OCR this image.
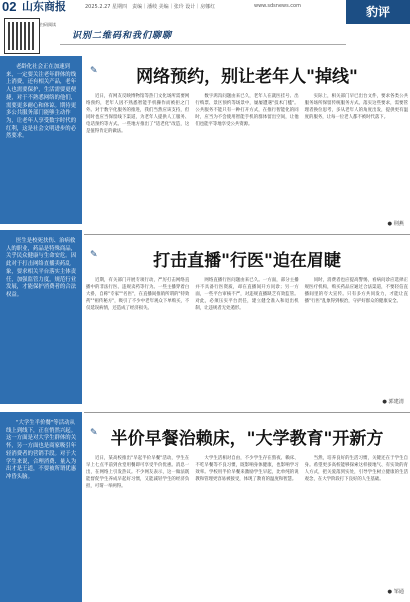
02 山东商报	2025.2.27 星期四　 责编｜潘岐 美编｜张玲 设计｜房娜红	www.sdsnews.com	豹评
扫码阅读
识别二维码和我们聊聊
老龄化社会正在加速到来，一定要关注老年群体的线上消费，还有相关产品，老年人也需要保护，生活需要更便捷，对于不熟悉网络的他们，需要更多耐心和体谅。期待更多公共服务部门能够主动作为，让老年人享受数字时代的红利，这是社会文明进步的必然要求。
医生是校死扶伤、治病救人的职业，药品是特殊商品，关乎民众健康与生命安危。因此对于打击网络直播卖药乱象，要求相关平台落实主体责任，加强监管力度，规范行业发展，才能保护消费者的合法权益。
"大学生半价餐"等活动从线上到线下，正在悄然兴起。这一方面是对大学生群体的关怀，另一方面也是商家吸引年轻消费者的营销手段。对于大学生来说，合理消费、量入为出才是王道，不要被所谓优惠冲昏头脑。
✎	网络预约，别让老年人"掉线"
近日，有网友反映博物馆等热门文化场所需要网络预约，老年人因不熟悉智能手机操作而被拒之门外。对于数字化服务的推进，我们当然应该支持，但同时也应当保留线下渠道，为老年人提供人工服务、电话预约等方式。一些地方推出了"适老化"改造，这是值得肯定的做法。
数字鸿沟问题由来已久，老年人在就医挂号、出行购票、景区预约等场景中，屡屡遭遇"技术门槛"。公共服务不能只有一种打开方式，在推行智能化的同时，应当为不会使用智能手机的群体留出空间，让他们也能平等地享受公共资源。
实际上，相关部门早已出台文件，要求各类公共服务场所保留传统服务方式。落实这些要求，需要管理者换位思考，多从老年人的角度出发，提供更有温度的服务，让每一位老人都不被时代落下。
● 荆燕
✎	打击直播"行医"迫在眉睫
近期，有关部门开展专项行动，严厉打击网络直播中的非法行医、违规卖药等行为。一些主播穿着白大褂，自称"专家""名医"，在直播间推销所谓的"特效药""祖传秘方"，吸引了不少中老年观众下单购买，不仅延误病情，还造成了经济损失。
网络直播行医问题由来已久。一方面，部分主播并不具备行医资质，却在直播间开方问诊；另一方面，一些平台审核不严，对违规直播缺乏有效监管。对此，必须压实平台责任，建立健全准入和退出机制，让违规者无处遁形。
同时，消费者也应提高警惕，看病问诊应选择正规医疗机构，购买药品应通过合法渠道，不要轻信直播间里的夸大宣传。只有多方共同发力，才能让直播"行医"乱象得到根治，守护好群众的健康安全。
● 郭建清
✎ 半价早餐治赖床，"大学教育"开新方
近日，某高校推出"早起半价早餐"活动，学生在早上七点半前到食堂用餐即可享受半价优惠。消息一出，在网络上引发热议。不少网友表示，这一做法既能督促学生养成早起好习惯，又能减轻学生的经济负担，可谓一举两得。
大学生活相对自由，不少学生存在熬夜、赖床、不吃早餐等不良习惯，既影响身体健康，也影响学习效率。学校用半价早餐来激励学生早起，比单纯的说教和管理更容易被接受，体现了教育的温度和智慧。
当然，培养良好的生活习惯，关键还在于学生自身。希望更多高校能够探索这样接地气、有实效的育人方式，把关爱落到实处，引导学生树立健康的生活观念，在大学阶段打下良好的人生基础。
● 邹通
